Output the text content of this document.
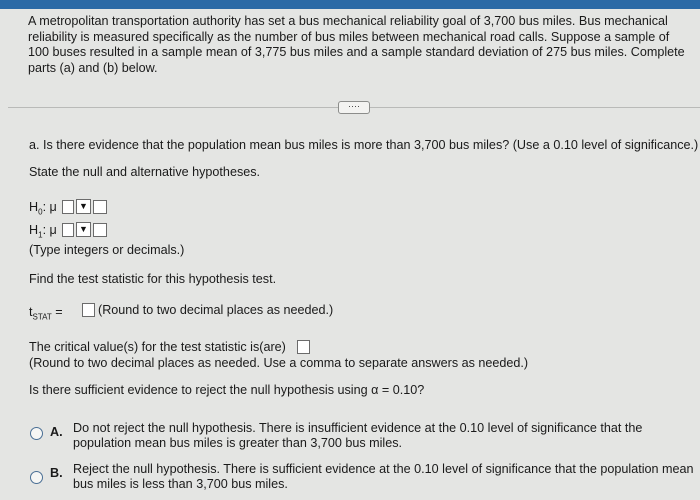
A metropolitan transportation authority has set a bus mechanical reliability goal of 3,700 bus miles. Bus mechanical reliability is measured specifically as the number of bus miles between mechanical road calls. Suppose a sample of 100 buses resulted in a sample mean of 3,775 bus miles and a sample standard deviation of 275 bus miles. Complete parts (a) and (b) below.
····
a. Is there evidence that the population mean bus miles is more than 3,700 bus miles? (Use a 0.10 level of significance.)
State the null and alternative hypotheses.
$H_0$: μ	▼
$H_1$: μ	▼
(Type integers or decimals.)
Find the test statistic for this hypothesis test.
$t_{STAT}$ =	(Round to two decimal places as needed.)
The critical value(s) for the test statistic is(are)
(Round to two decimal places as needed. Use a comma to separate answers as needed.)
Is there sufficient evidence to reject the null hypothesis using α = 0.10?
A. Do not reject the null hypothesis. There is insufficient evidence at the 0.10 level of significance that the
population mean bus miles is greater than 3,700 bus miles.
B. Reject the null hypothesis. There is sufficient evidence at the 0.10 level of significance that the population mean
bus miles is less than 3,700 bus miles.
